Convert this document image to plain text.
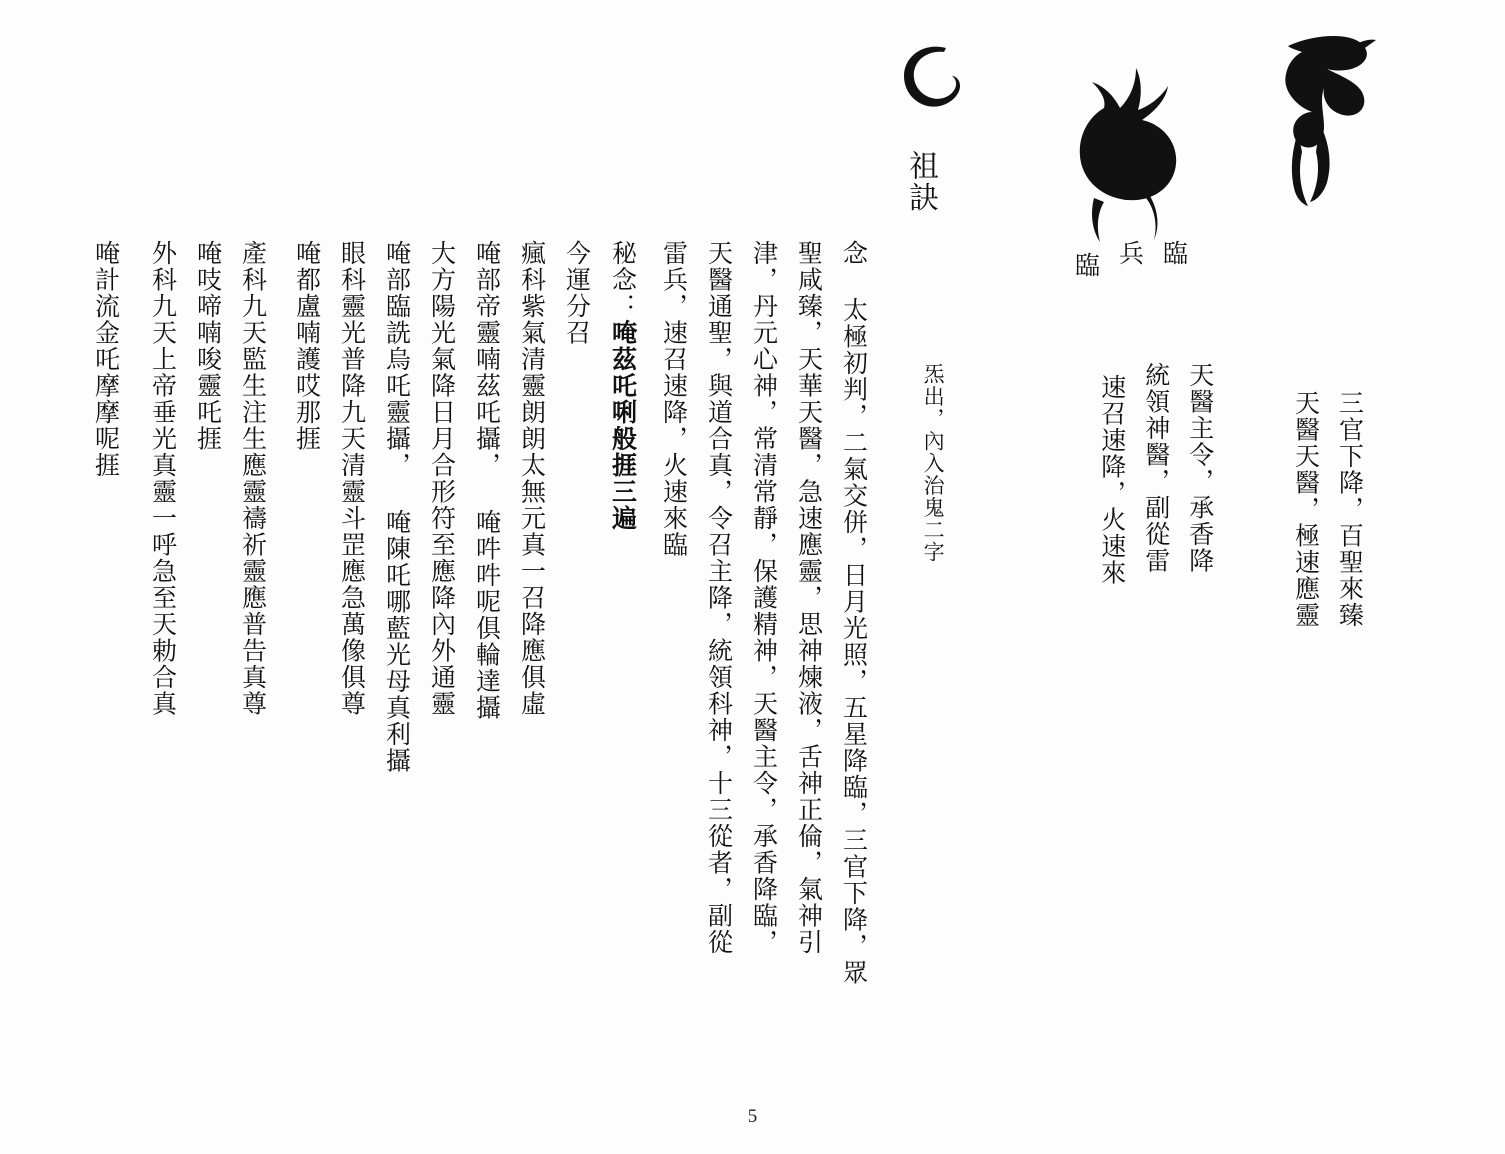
祖訣

炁出，內入治鬼二字
	三官下降，百聖來臻

天醫天醫，極速應靈

天醫主令，承香降臨

統領神醫，副從雷兵

速召速降，火速來臨

念 太極初判，二氣交併，日月光照，五星降臨，三官下降，眾

聖咸臻，天華天醫，急速應靈，思神煉液，舌神正倫，氣神引

津，丹元心神，常清常靜，保護精神，天醫主令，承香降臨，

天醫通聖，與道合真，令召主降，統領科神，十三從者，副從

雷兵，速召速降，火速來臨

秘念：唵茲吒唎般捱三遍

今運分召

瘋科紫氣清靈朗朗太無元真一召降應俱虛

唵部帝靈喃茲吒攝， 唵吽吽呢俱輪達攝

大方陽光氣降日月合形符至應降內外通靈

唵部臨詵烏吒靈攝， 唵陳吒哪藍光母真利攝

眼科靈光普降九天清靈斗罡應急萬像俱尊

唵都盧喃護哎那捱

產科九天監生注生應靈禱祈靈應普告真尊

唵吱啼喃唆靈吒捱

外科九天上帝垂光真靈一呼急至天勅合真

唵計流金吒摩摩呢捱

5
